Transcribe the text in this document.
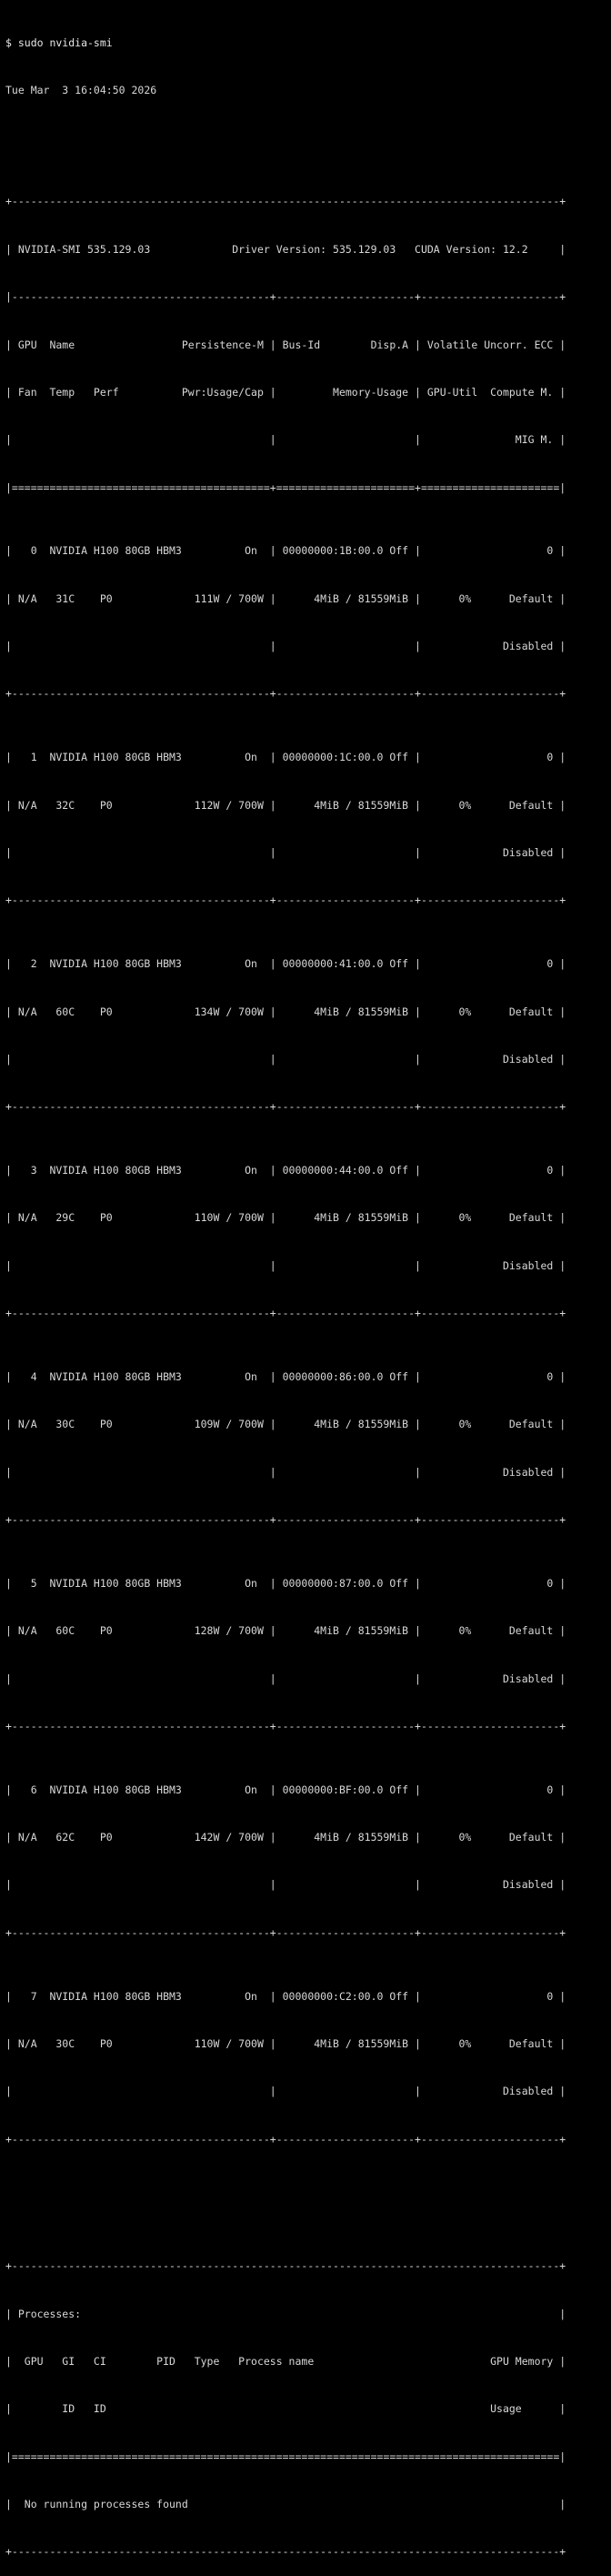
$ sudo nvidia-smi

Tue Mar  3 16:04:50 2026

+---------------------------------------------------------------------------------------+

| NVIDIA-SMI 535.129.03             Driver Version: 535.129.03   CUDA Version: 12.2     |

|-----------------------------------------+----------------------+----------------------+

| GPU  Name                 Persistence-M | Bus-Id        Disp.A | Volatile Uncorr. ECC |

| Fan  Temp   Perf          Pwr:Usage/Cap |         Memory-Usage | GPU-Util  Compute M. |

|                                         |                      |               MIG M. |

|=========================================+======================+======================|

|   0  NVIDIA H100 80GB HBM3          On  | 00000000:1B:00.0 Off |                    0 |

| N/A   31C    P0             111W / 700W |      4MiB / 81559MiB |      0%      Default |

|                                         |                      |             Disabled |

+-----------------------------------------+----------------------+----------------------+

|   1  NVIDIA H100 80GB HBM3          On  | 00000000:1C:00.0 Off |                    0 |

| N/A   32C    P0             112W / 700W |      4MiB / 81559MiB |      0%      Default |

|                                         |                      |             Disabled |

+-----------------------------------------+----------------------+----------------------+

|   2  NVIDIA H100 80GB HBM3          On  | 00000000:41:00.0 Off |                    0 |

| N/A   60C    P0             134W / 700W |      4MiB / 81559MiB |      0%      Default |

|                                         |                      |             Disabled |

+-----------------------------------------+----------------------+----------------------+

|   3  NVIDIA H100 80GB HBM3          On  | 00000000:44:00.0 Off |                    0 |

| N/A   29C    P0             110W / 700W |      4MiB / 81559MiB |      0%      Default |

|                                         |                      |             Disabled |

+-----------------------------------------+----------------------+----------------------+

|   4  NVIDIA H100 80GB HBM3          On  | 00000000:86:00.0 Off |                    0 |

| N/A   30C    P0             109W / 700W |      4MiB / 81559MiB |      0%      Default |

|                                         |                      |             Disabled |

+-----------------------------------------+----------------------+----------------------+

|   5  NVIDIA H100 80GB HBM3          On  | 00000000:87:00.0 Off |                    0 |

| N/A   60C    P0             128W / 700W |      4MiB / 81559MiB |      0%      Default |

|                                         |                      |             Disabled |

+-----------------------------------------+----------------------+----------------------+

|   6  NVIDIA H100 80GB HBM3          On  | 00000000:BF:00.0 Off |                    0 |

| N/A   62C    P0             142W / 700W |      4MiB / 81559MiB |      0%      Default |

|                                         |                      |             Disabled |

+-----------------------------------------+----------------------+----------------------+

|   7  NVIDIA H100 80GB HBM3          On  | 00000000:C2:00.0 Off |                    0 |

| N/A   30C    P0             110W / 700W |      4MiB / 81559MiB |      0%      Default |

|                                         |                      |             Disabled |

+-----------------------------------------+----------------------+----------------------+

+---------------------------------------------------------------------------------------+

| Processes:                                                                            |

|  GPU   GI   CI        PID   Type   Process name                            GPU Memory |

|        ID   ID                                                             Usage      |

|=======================================================================================|

|  No running processes found                                                           |

+---------------------------------------------------------------------------------------+
